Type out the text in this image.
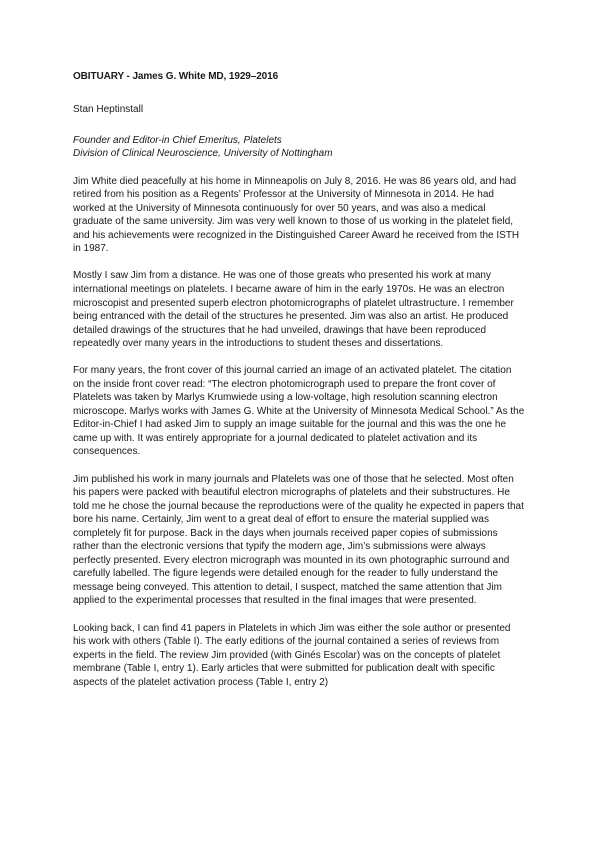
OBITUARY - James G. White MD, 1929–2016

Stan Heptinstall

Founder and Editor-in Chief Emeritus, Platelets
Division of Clinical Neuroscience, University of Nottingham

Jim White died peacefully at his home in Minneapolis on July 8, 2016. He was 86 years old, and had retired from his position as a Regents’ Professor at the University of Minnesota in 2014. He had worked at the University of Minnesota continuously for over 50 years, and was also a medical graduate of the same university. Jim was very well known to those of us working in the platelet field, and his achievements were recognized in the Distinguished Career Award he received from the ISTH in 1987.

Mostly I saw Jim from a distance. He was one of those greats who presented his work at many international meetings on platelets. I became aware of him in the early 1970s. He was an electron microscopist and presented superb electron photomicrographs of platelet ultrastructure. I remember being entranced with the detail of the structures he presented. Jim was also an artist. He produced detailed drawings of the structures that he had unveiled, drawings that have been reproduced repeatedly over many years in the introductions to student theses and dissertations.

For many years, the front cover of this journal carried an image of an activated platelet. The citation on the inside front cover read: “The electron photomicrograph used to prepare the front cover of Platelets was taken by Marlys Krumwiede using a low-voltage, high resolution scanning electron microscope. Marlys works with James G. White at the University of Minnesota Medical School.” As the Editor-in-Chief I had asked Jim to supply an image suitable for the journal and this was the one he came up with. It was entirely appropriate for a journal dedicated to platelet activation and its consequences.

Jim published his work in many journals and Platelets was one of those that he selected. Most often his papers were packed with beautiful electron micrographs of platelets and their substructures. He told me he chose the journal because the reproductions were of the quality he expected in papers that bore his name. Certainly, Jim went to a great deal of effort to ensure the material supplied was completely fit for purpose. Back in the days when journals received paper copies of submissions rather than the electronic versions that typify the modern age, Jim’s submissions were always perfectly presented. Every electron micrograph was mounted in its own photographic surround and carefully labelled. The figure legends were detailed enough for the reader to fully understand the message being conveyed. This attention to detail, I suspect, matched the same attention that Jim applied to the experimental processes that resulted in the final images that were presented.

Looking back, I can find 41 papers in Platelets in which Jim was either the sole author or presented his work with others (Table I). The early editions of the journal contained a series of reviews from experts in the field. The review Jim provided (with Ginés Escolar) was on the concepts of platelet membrane (Table I, entry 1). Early articles that were submitted for publication dealt with specific aspects of the platelet activation process (Table I, entry 2)
